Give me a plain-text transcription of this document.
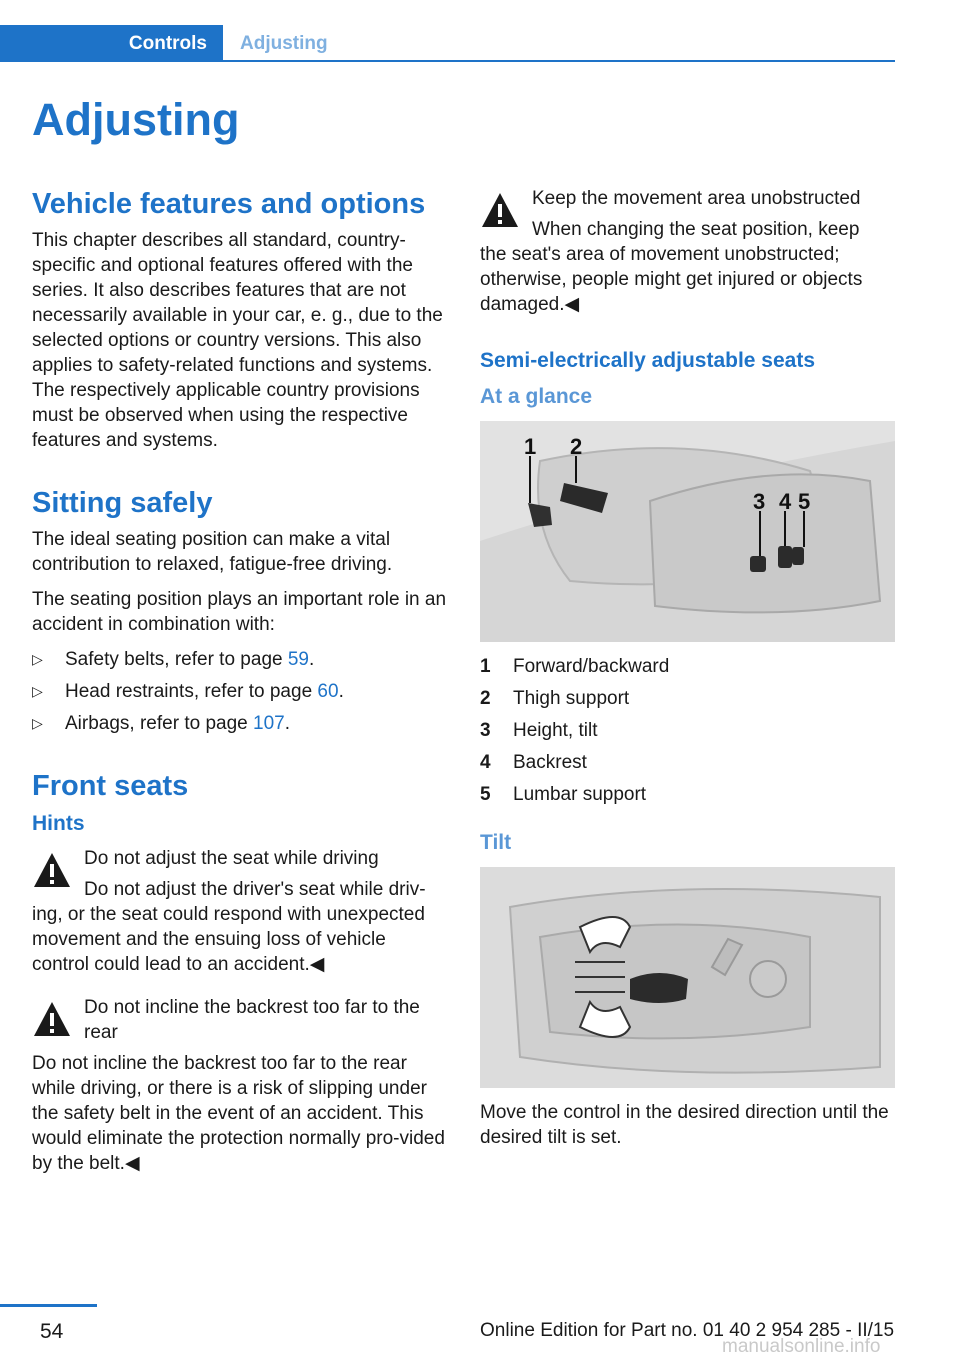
Controls	Adjusting
Adjusting
Vehicle features and options

This chapter describes all standard, country-specific and optional features offered with the series. It also describes features that are not necessarily available in your car, e. g., due to the selected options or country versions. This also applies to safety-related functions and systems. The respectively applicable country provisions must be observed when using the respective features and systems.

Sitting safely

The ideal seating position can make a vital contribution to relaxed, fatigue-free driving.

The seating position plays an important role in an accident in combination with:

▷ Safety belts, refer to page 59.
▷ Head restraints, refer to page 60.
▷ Airbags, refer to page 107.
Front seats
Hints
Do not adjust the seat while driving

Do not adjust the driver's seat while driv-
ing, or the seat could respond with unexpected movement and the ensuing loss of vehicle control could lead to an accident.◀

Do not incline the backrest too far to the rear

Do not incline the backrest too far to the rear while driving, or there is a risk of slipping under the safety belt in the event of an accident. This would eliminate the protection normally pro-vided by the belt.◀

Keep the movement area unobstructed

When changing the seat position, keep
the seat's area of movement unobstructed; otherwise, people might get injured or objects damaged.◀

Semi-electrically adjustable seats
At a glance
1 2
3 4 5
1	Forward/backward
2	Thigh support
3	Height, tilt
4	Backrest
5	Lumbar support
Tilt

Move the control in the desired direction until the desired tilt is set.

54	Online Edition for Part no. 01 40 2 954 285 - II/15
manualsonline.info
